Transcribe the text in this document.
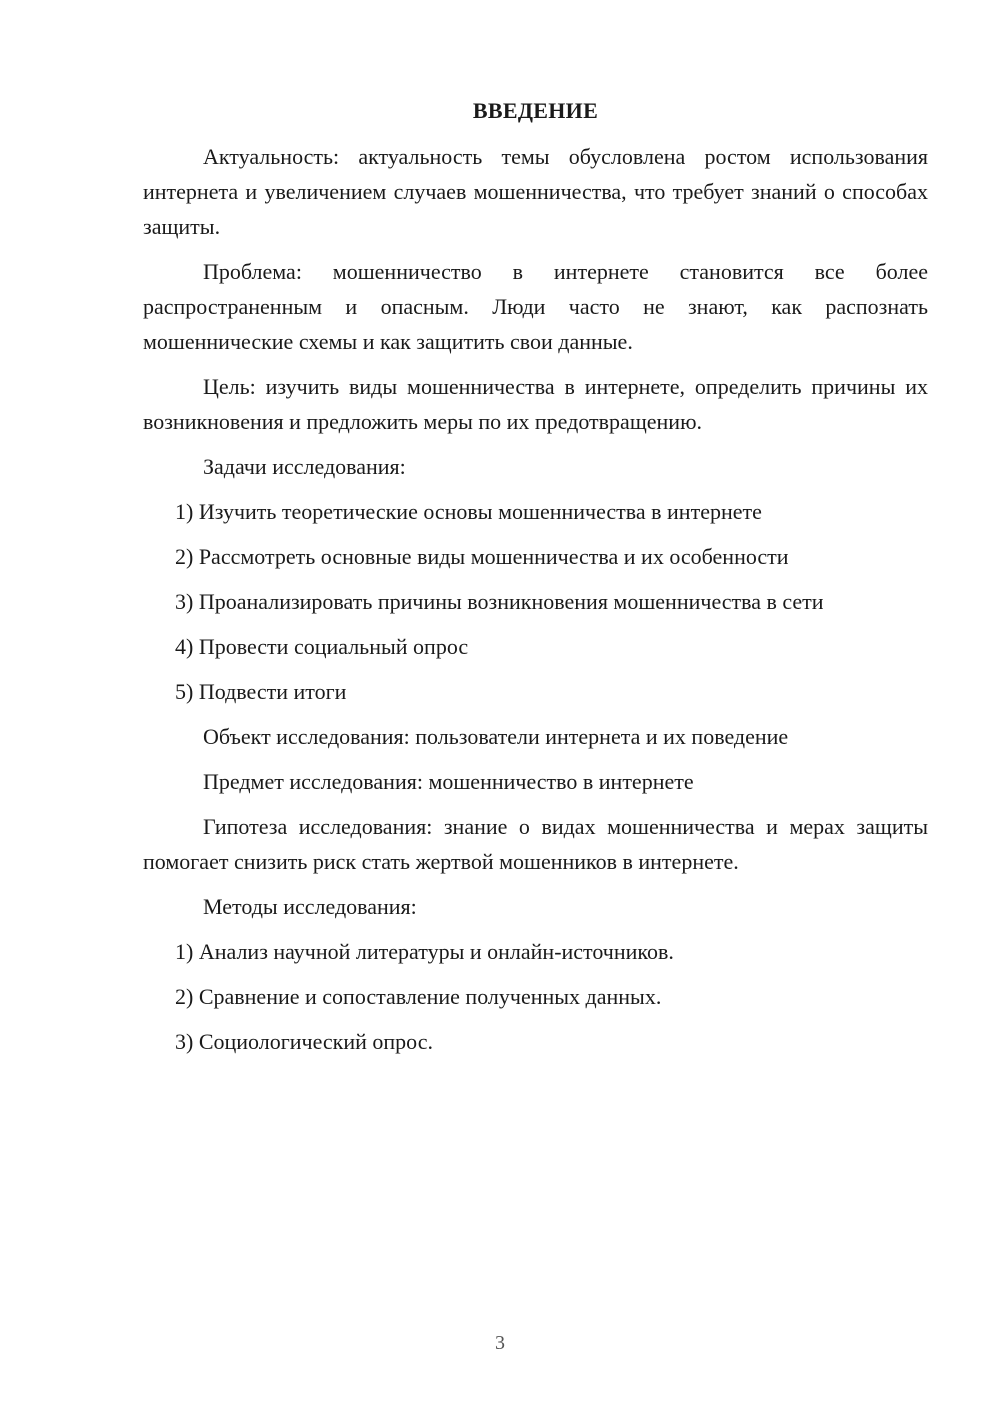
ВВЕДЕНИЕ

Актуальность: актуальность темы обусловлена ростом использования интернета и увеличением случаев мошенничества, что требует знаний о способах защиты.

Проблема: мошенничество в интернете становится все более распространенным и опасным. Люди часто не знают, как распознать мошеннические схемы и как защитить свои данные.

Цель: изучить виды мошенничества в интернете, определить причины их возникновения и предложить меры по их предотвращению.

Задачи исследования:
1) Изучить теоретические основы мошенничества в интернете
2) Рассмотреть основные виды мошенничества и их особенности
3) Проанализировать причины возникновения мошенничества в сети
4) Провести социальный опрос
5) Подвести итоги
Объект исследования: пользователи интернета и их поведение
Предмет исследования: мошенничество в интернете

Гипотеза исследования: знание о видах мошенничества и мерах защиты помогает снизить риск стать жертвой мошенников в интернете.

Методы исследования:
1) Анализ научной литературы и онлайн-источников.
2) Сравнение и сопоставление полученных данных.
3) Социологический опрос.
3
